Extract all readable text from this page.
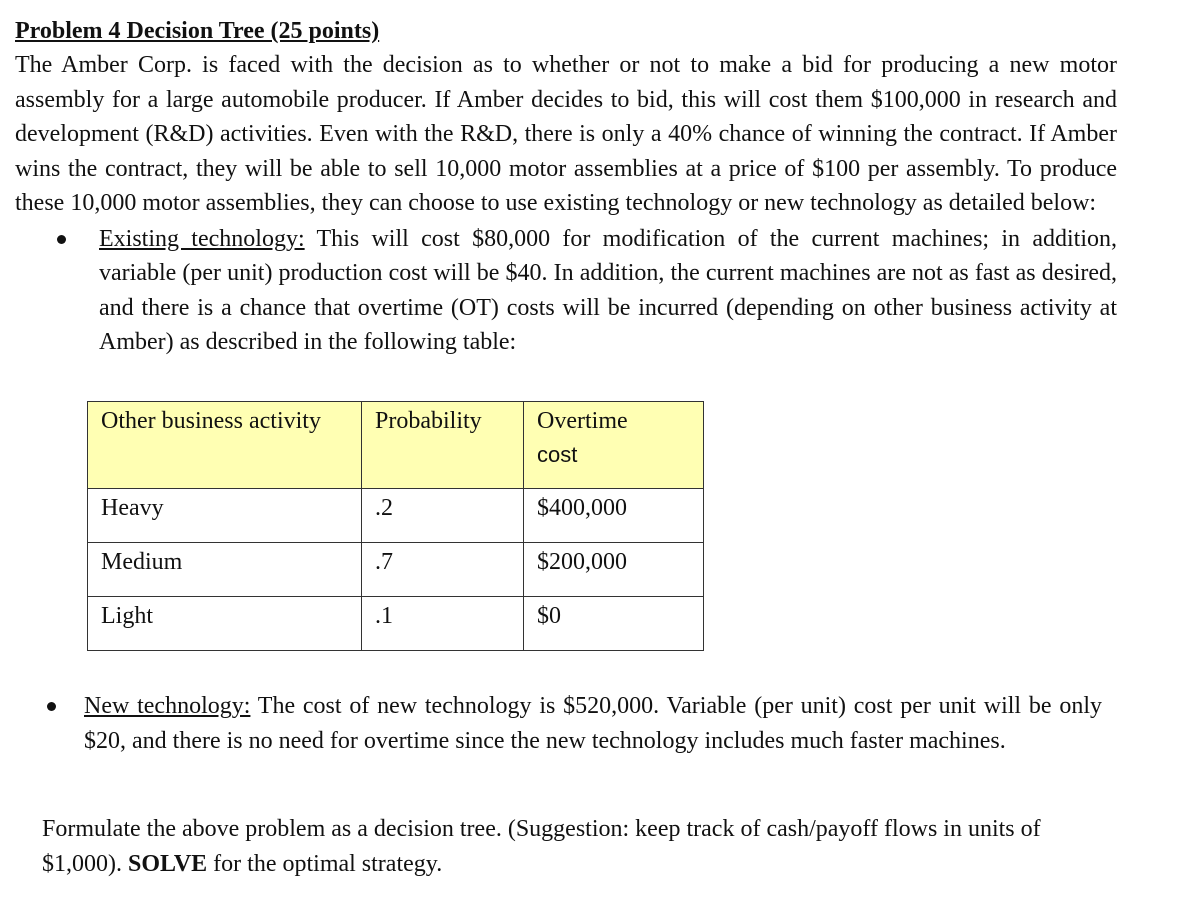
Problem 4 Decision Tree (25 points)

The Amber Corp. is faced with the decision as to whether or not to make a bid for producing a new motor assembly for a large automobile producer. If Amber decides to bid, this will cost them $100,000 in research and development (R&D) activities. Even with the R&D, there is only a 40% chance of winning the contract. If Amber wins the contract, they will be able to sell 10,000 motor assemblies at a price of $100 per assembly. To produce these 10,000 motor assemblies, they can choose to use existing technology or new technology as detailed below:

Existing technology: This will cost $80,000 for modification of the current machines; in addition, variable (per unit) production cost will be $40. In addition, the current machines are not as fast as desired, and there is a chance that overtime (OT) costs will be incurred (depending on other business activity at Amber) as described in the following table:

Other business activity	Probability	Overtime
cost
Heavy	.2	$400,000
Medium	.7	$200,000
Light	.1	$0

New technology: The cost of new technology is $520,000. Variable (per unit) cost per unit will be only $20, and there is no need for overtime since the new technology includes much faster machines.

Formulate the above problem as a decision tree. (Suggestion: keep track of cash/payoff flows in units of $1,000). SOLVE for the optimal strategy.
